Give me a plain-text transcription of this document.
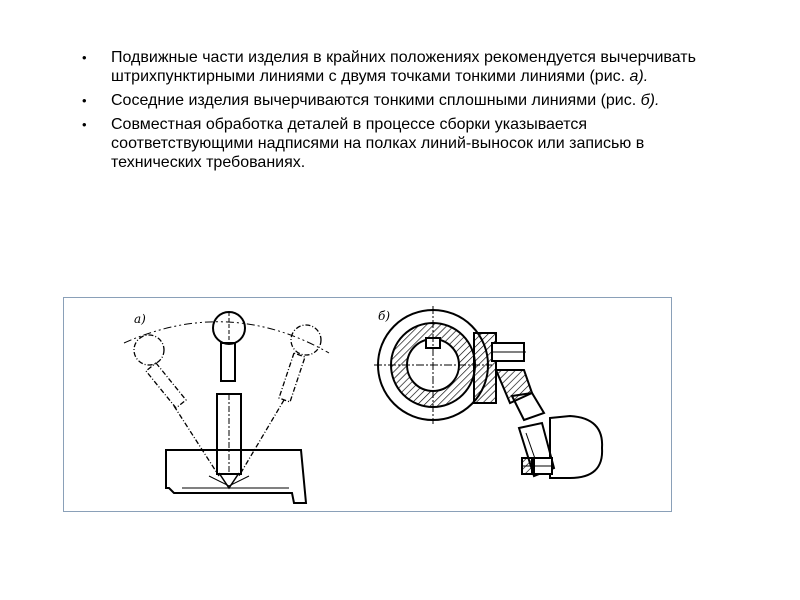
• Подвижные части изделия в крайних положениях рекомендуется вычерчивать штрихпунктирными линиями с двумя точками тонкими линиями (рис. а).
• Соседние изделия вычерчиваются тонкими сплошными линиями (рис. б).
• Совместная обработка деталей в процессе сборки указывается соответствующими надписями на полках линий-выносок или записью в технических требованиях.
а)	б)
